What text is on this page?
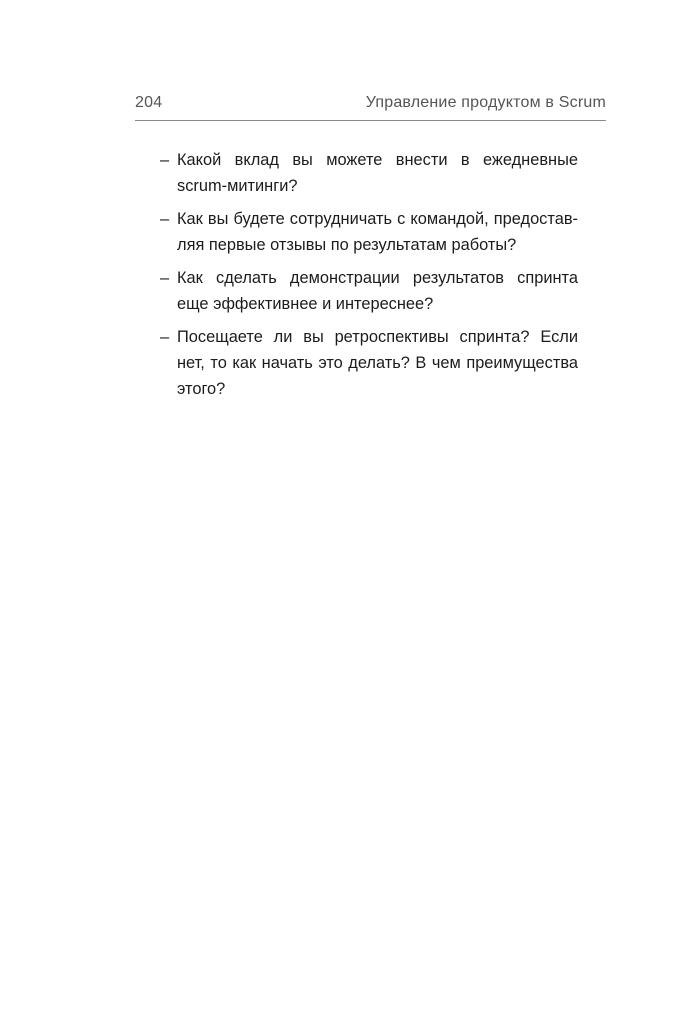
204	Управление продуктом в Scrum
– Какой вклад вы можете внести в ежедневные scrum-митинги?
– Как вы будете сотрудничать с командой, предоставляя первые отзывы по результатам работы?
– Как сделать демонстрации результатов спринта еще эффективнее и интереснее?
– Посещаете ли вы ретроспективы спринта? Если нет, то как начать это делать? В чем преимущества этого?
